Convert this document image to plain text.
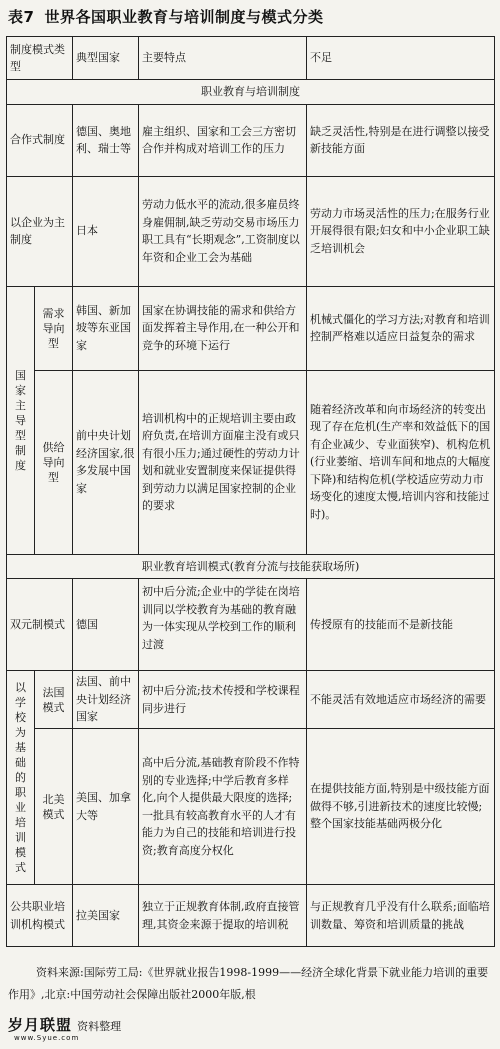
表7 世界各国职业教育与培训制度与模式分类
制度模式类型		典型国家	主要特点	不足
职业教育与培训制度				
合作式制度		德国、奥地利、瑞士等	雇主组织、国家和工会三方密切合作并构成对培训工作的压力	缺乏灵活性,特别是在进行调整以接受新技能方面
以企业为主制度		日本	劳动力低水平的流动,很多雇员终身雇佣制,缺乏劳动交易市场压力职工具有“长期观念”,工资制度以年资和企业工会为基础	劳动力市场灵活性的压力;在服务行业开展得很有限;妇女和中小企业职工缺乏培训机会
国家主导型制度	需求导向型	韩国、新加坡等东亚国家	国家在协调技能的需求和供给方面发挥着主导作用,在一种公开和竞争的环境下运行	机械式僵化的学习方法;对教育和培训控制严格难以适应日益复杂的需求
	供给导向型	前中央计划经济国家,很多发展中国家	培训机构中的正规培训主要由政府负责,在培训方面雇主没有或只有很小压力;通过硬性的劳动力计划和就业安置制度来保证提供得到劳动力以满足国家控制的企业的要求	随着经济改革和向市场经济的转变出现了存在危机(生产率和效益低下的国有企业减少、专业面狭窄)、机构危机(行业萎缩、培训车间和地点的大幅度下降)和结构危机(学校适应劳动力市场变化的速度太慢,培训内容和技能过时)。
职业教育培训模式(教育分流与技能获取场所)				
双元制模式		德国	初中后分流;企业中的学徒在岗培训同以学校教育为基础的教育融为一体实现从学校到工作的顺利过渡	传授原有的技能而不是新技能
以学校为基础的职业培训模式	法国模式	法国、前中央计划经济国家	初中后分流;技术传授和学校课程同步进行	不能灵活有效地适应市场经济的需要
	北美模式	美国、加拿大等	高中后分流,基础教育阶段不作特别的专业选择;中学后教育多样化,向个人提供最大限度的选择;一批具有较高教育水平的人才有能力为自己的技能和培训进行投资;教育高度分权化	在提供技能方面,特别是中级技能方面做得不够,引进新技术的速度比较慢;整个国家技能基础两极分化
公共职业培训机构模式		拉美国家	独立于正规教育体制,政府直接管理,其资金来源于提取的培训税	与正规教育几乎没有什么联系;面临培训数量、筹资和培训质量的挑战
资料来源:国际劳工局:《世界就业报告1998-1999——经济全球化背景下就业能力培训的重要作用》,北京:中国劳动社会保障出版社2000年版,根
岁月联盟 资料整理
www.Syue.com
